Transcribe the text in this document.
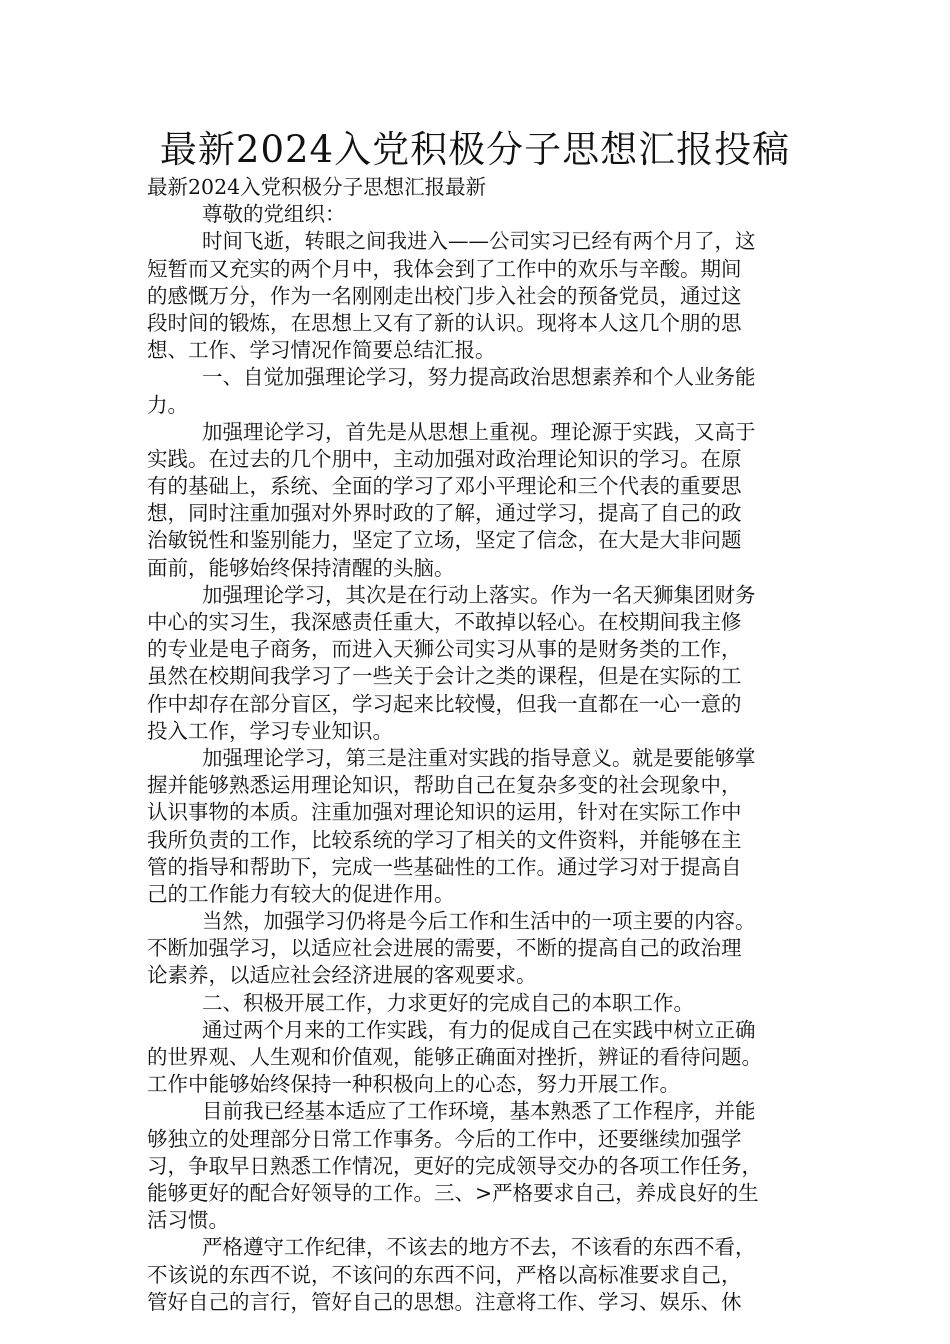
最新2024入党积极分子思想汇报投稿
最新2024入党积极分子思想汇报最新
尊敬的党组织：
时间飞逝，转眼之间我进入——公司实习已经有两个月了，这
短暂而又充实的两个月中，我体会到了工作中的欢乐与辛酸。期间
的感慨万分，作为一名刚刚走出校门步入社会的预备党员，通过这
段时间的锻炼，在思想上又有了新的认识。现将本人这几个朋的思
想、工作、学习情况作简要总结汇报。
一、自觉加强理论学习，努力提高政治思想素养和个人业务能
力。
加强理论学习，首先是从思想上重视。理论源于实践，又高于
实践。在过去的几个朋中，主动加强对政治理论知识的学习。在原
有的基础上，系统、全面的学习了邓小平理论和三个代表的重要思
想，同时注重加强对外界时政的了解，通过学习，提高了自己的政
治敏锐性和鉴别能力，坚定了立场，坚定了信念，在大是大非问题
面前，能够始终保持清醒的头脑。
加强理论学习，其次是在行动上落实。作为一名天狮集团财务
中心的实习生，我深感责任重大，不敢掉以轻心。在校期间我主修
的专业是电子商务，而进入天狮公司实习从事的是财务类的工作，
虽然在校期间我学习了一些关于会计之类的课程，但是在实际的工
作中却存在部分盲区，学习起来比较慢，但我一直都在一心一意的
投入工作，学习专业知识。
加强理论学习，第三是注重对实践的指导意义。就是要能够掌
握并能够熟悉运用理论知识，帮助自己在复杂多变的社会现象中，
认识事物的本质。注重加强对理论知识的运用，针对在实际工作中
我所负责的工作，比较系统的学习了相关的文件资料，并能够在主
管的指导和帮助下，完成一些基础性的工作。通过学习对于提高自
己的工作能力有较大的促进作用。
当然，加强学习仍将是今后工作和生活中的一项主要的内容。
不断加强学习，以适应社会进展的需要，不断的提高自己的政治理
论素养，以适应社会经济进展的客观要求。
二、积极开展工作，力求更好的完成自己的本职工作。
通过两个月来的工作实践，有力的促成自己在实践中树立正确
的世界观、人生观和价值观，能够正确面对挫折，辨证的看待问题。
工作中能够始终保持一种积极向上的心态，努力开展工作。
目前我已经基本适应了工作环境，基本熟悉了工作程序，并能
够独立的处理部分日常工作事务。今后的工作中，还要继续加强学
习，争取早日熟悉工作情况，更好的完成领导交办的各项工作任务，
能够更好的配合好领导的工作。三、>严格要求自己，养成良好的生
活习惯。
严格遵守工作纪律，不该去的地方不去，不该看的东西不看，
不该说的东西不说，不该问的东西不问，严格以高标准要求自己，
管好自己的言行，管好自己的思想。注意将工作、学习、娱乐、休
